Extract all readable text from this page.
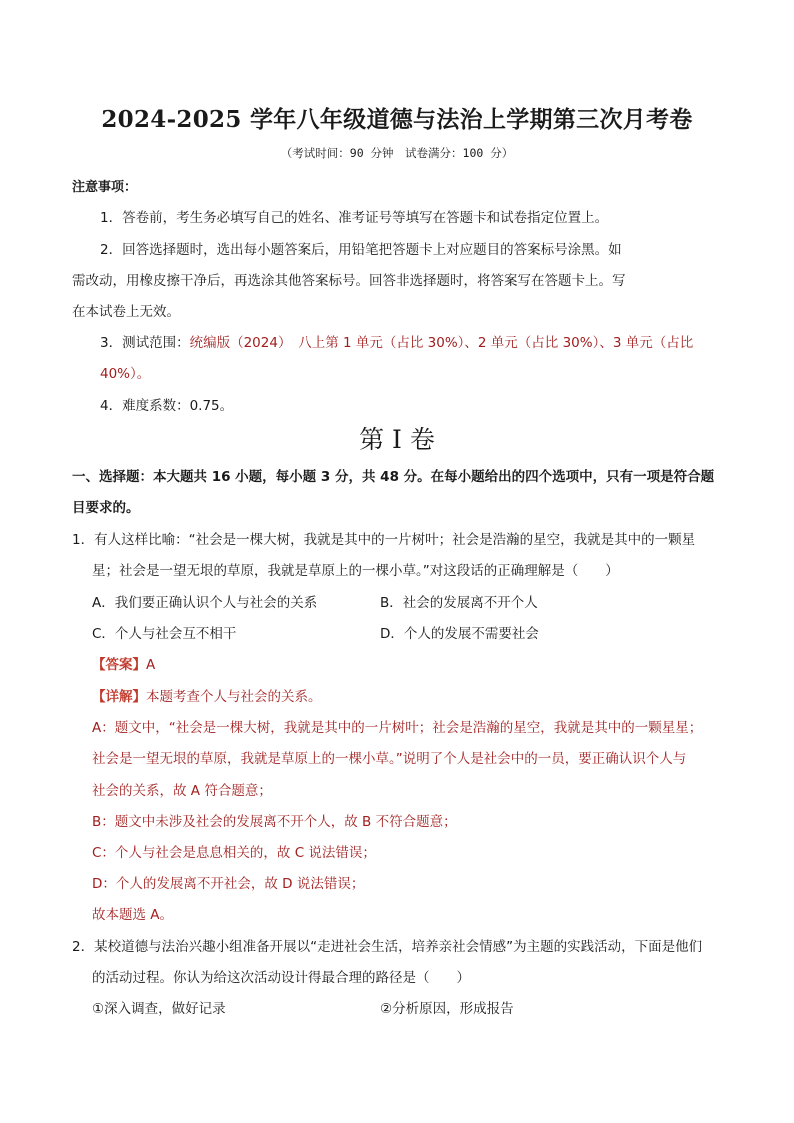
2024-2025 学年八年级道德与法治上学期第三次月考卷
（考试时间：90 分钟　试卷满分：100 分）
注意事项：
1．答卷前，考生务必填写自己的姓名、准考证号等填写在答题卡和试卷指定位置上。
2．回答选择题时，选出每小题答案后，用铅笔把答题卡上对应题目的答案标号涂黑。如
需改动，用橡皮擦干净后，再选涂其他答案标号。回答非选择题时，将答案写在答题卡上。写
在本试卷上无效。
3．测试范围：统编版（2024）　八上第 1 单元（占比 30%）、2 单元（占比 30%）、3 单元（占比
40%）。
4．难度系数：0.75。
第 I 卷
一、选择题：本大题共 16 小题，每小题 3 分，共 48 分。在每小题给出的四个选项中，只有一项是符合题
目要求的。
1．有人这样比喻：“社会是一棵大树，我就是其中的一片树叶；社会是浩瀚的星空，我就是其中的一颗星
星；社会是一望无垠的草原，我就是草原上的一棵小草。”对这段话的正确理解是（　　）
A．我们要正确认识个人与社会的关系	B．社会的发展离不开个人
C．个人与社会互不相干	D．个人的发展不需要社会
【答案】A
【详解】本题考查个人与社会的关系。
A：题文中，“社会是一棵大树，我就是其中的一片树叶；社会是浩瀚的星空，我就是其中的一颗星星；
社会是一望无垠的草原，我就是草原上的一棵小草。”说明了个人是社会中的一员，要正确认识个人与
社会的关系，故 A 符合题意；
B：题文中未涉及社会的发展离不开个人，故 B 不符合题意；
C：个人与社会是息息相关的，故 C 说法错误；
D：个人的发展离不开社会，故 D 说法错误；
故本题选 A。
2．某校道德与法治兴趣小组准备开展以“走进社会生活，培养亲社会情感”为主题的实践活动，下面是他们
的活动过程。你认为给这次活动设计得最合理的路径是（　　）
①深入调查，做好记录	②分析原因，形成报告
